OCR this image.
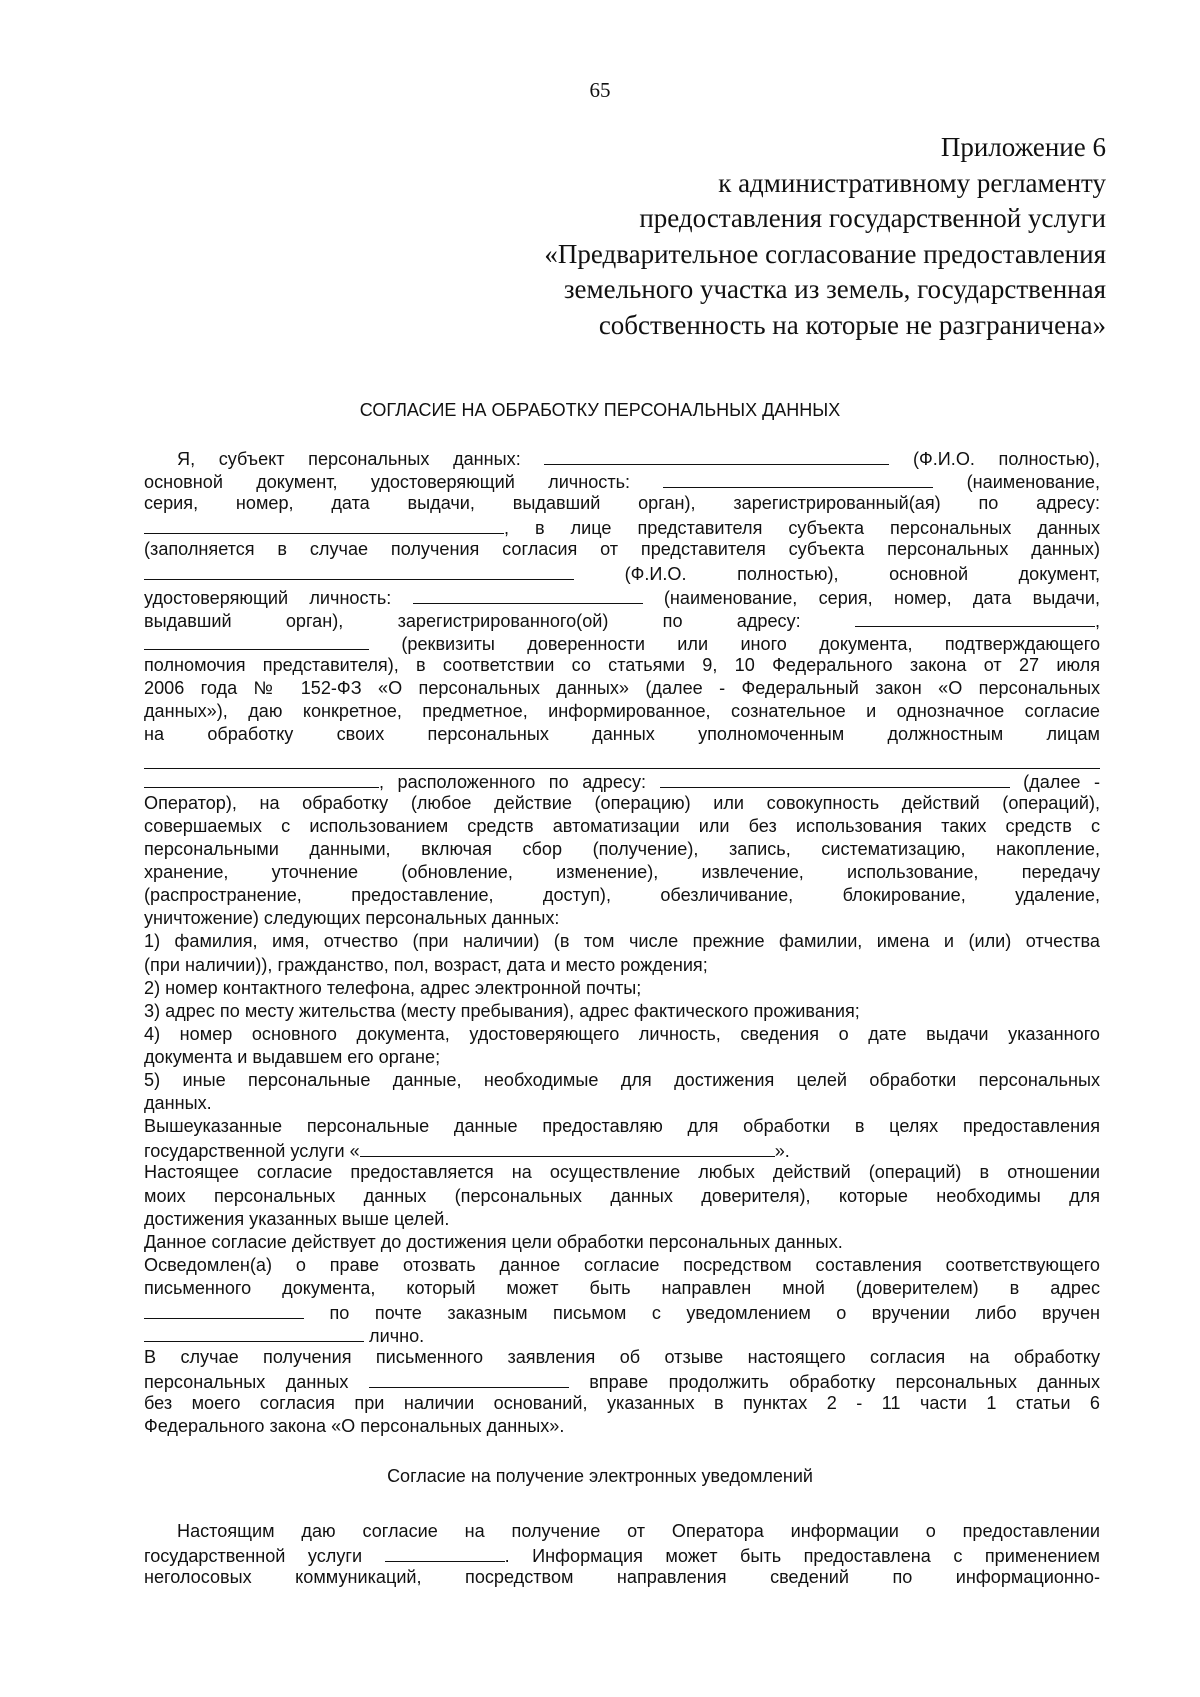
65
Приложение 6
к административному регламенту
предоставления государственной услуги
«Предварительное согласование предоставления
земельного участка из земель, государственная
собственность на которые не разграничена»
СОГЛАСИЕ НА ОБРАБОТКУ ПЕРСОНАЛЬНЫХ ДАННЫХ
Я, субъект персональных данных:	(Ф.И.О. полностью),
основной документ, удостоверяющий личность:	(наименование,
серия, номер, дата выдачи, выдавший орган), зарегистрированный(ая) по адресу:
, в лице представителя субъекта персональных данных
(заполняется в случае получения согласия от представителя субъекта персональных данных)
(Ф.И.О. полностью), основной документ,
удостоверяющий личность:	(наименование, серия, номер, дата выдачи,
выдавший орган), зарегистрированного(ой) по адресу:	,
(реквизиты доверенности или иного документа, подтверждающего
полномочия представителя), в соответствии со статьями 9, 10 Федерального закона от 27 июля
2006 года № 152-ФЗ «О персональных данных» (далее - Федеральный закон «О персональных
данных»), даю конкретное, предметное, информированное, сознательное и однозначное согласие
на обработку своих персональных данных уполномоченным должностным лицам
, расположенного по адресу:	(далее -
Оператор), на обработку (любое действие (операцию) или совокупность действий (операций),
совершаемых с использованием средств автоматизации или без использования таких средств с
персональными данными, включая сбор (получение), запись, систематизацию, накопление,
хранение, уточнение (обновление, изменение), извлечение, использование, передачу
(распространение, предоставление, доступ), обезличивание, блокирование, удаление,
уничтожение) следующих персональных данных:
1) фамилия, имя, отчество (при наличии) (в том числе прежние фамилии, имена и (или) отчества
(при наличии)), гражданство, пол, возраст, дата и место рождения;
2) номер контактного телефона, адрес электронной почты;
3) адрес по месту жительства (месту пребывания), адрес фактического проживания;
4) номер основного документа, удостоверяющего личность, сведения о дате выдачи указанного
документа и выдавшем его органе;
5) иные персональные данные, необходимые для достижения целей обработки персональных
данных.
Вышеуказанные персональные данные предоставляю для обработки в целях предоставления
государственной услуги «	».
Настоящее согласие предоставляется на осуществление любых действий (операций) в отношении
моих персональных данных (персональных данных доверителя), которые необходимы для
достижения указанных выше целей.
Данное согласие действует до достижения цели обработки персональных данных.
Осведомлен(а) о праве отозвать данное согласие посредством составления соответствующего
письменного документа, который может быть направлен мной (доверителем) в адрес
по почте заказным письмом с уведомлением о вручении либо вручен
лично.
В случае получения письменного заявления об отзыве настоящего согласия на обработку
персональных данных	вправе продолжить обработку персональных данных
без моего согласия при наличии оснований, указанных в пунктах 2 - 11 части 1 статьи 6
Федерального закона «О персональных данных».
Согласие на получение электронных уведомлений
Настоящим даю согласие на получение от Оператора информации о предоставлении
государственной услуги	. Информация может быть предоставлена с применением
неголосовых коммуникаций, посредством направления сведений по информационно-
